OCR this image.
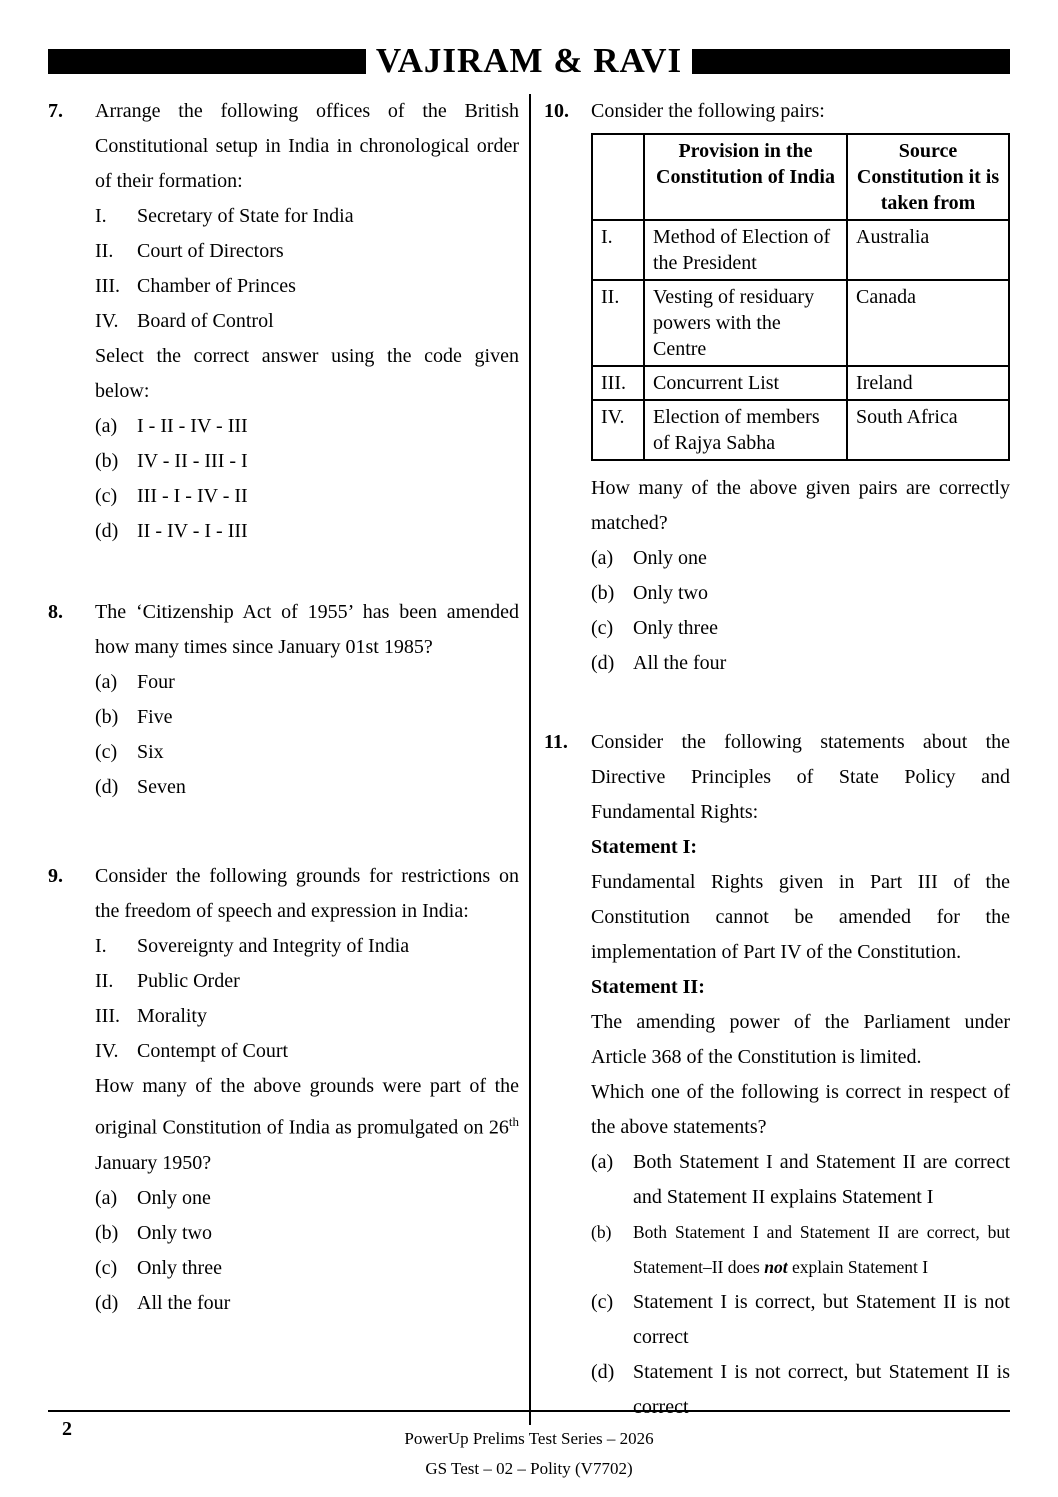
VAJIRAM & RAVI
7.	Arrange the following offices of the British Constitutional setup in India in chronological order of their formation:
I.	Secretary of State for India
II.	Court of Directors
III. Chamber of Princes
IV. Board of Control
Select the correct answer using the code given below:
(a) I - II - IV - III
(b) IV - II - III - I
(c) III - I - IV - II
(d) II - IV - I - III
8.	The ‘Citizenship Act of 1955’ has been amended how many times since January 01st 1985?
(a) Four
(b) Five
(c) Six
(d) Seven
9.	Consider the following grounds for restrictions on the freedom of speech and expression in India:
I.	Sovereignty and Integrity of India
II.	Public Order
III. Morality
IV. Contempt of Court
How many of the above grounds were part of the original Constitution of India as promulgated on 26th January 1950?
(a) Only one
(b) Only two
(c) Only three
(d) All the four
10.	Consider the following pairs:
	Provision in the Constitution of India	Source Constitution it is taken from
I.	Method of Election of the President	Australia
II.	Vesting of residuary powers with the Centre	Canada
III.	Concurrent List	Ireland
IV.	Election of members of Rajya Sabha	South Africa
How many of the above given pairs are correctly matched?
(a) Only one
(b) Only two
(c) Only three
(d) All the four
11.	Consider the following statements about the Directive Principles of State Policy and Fundamental Rights:
Statement I:
Fundamental Rights given in Part III of the Constitution cannot be amended for the implementation of Part IV of the Constitution.
Statement II:
The amending power of the Parliament under Article 368 of the Constitution is limited.
Which one of the following is correct in respect of the above statements?
(a) Both Statement I and Statement II are correct and Statement II explains Statement I
(b)	Both Statement I and Statement II are correct, but Statement–II does not explain Statement I
(c) Statement I is correct, but Statement II is not correct
(d) Statement I is not correct, but Statement II is correct
2	PowerUp Prelims Test Series – 2026
GS Test – 02 – Polity (V7702)
